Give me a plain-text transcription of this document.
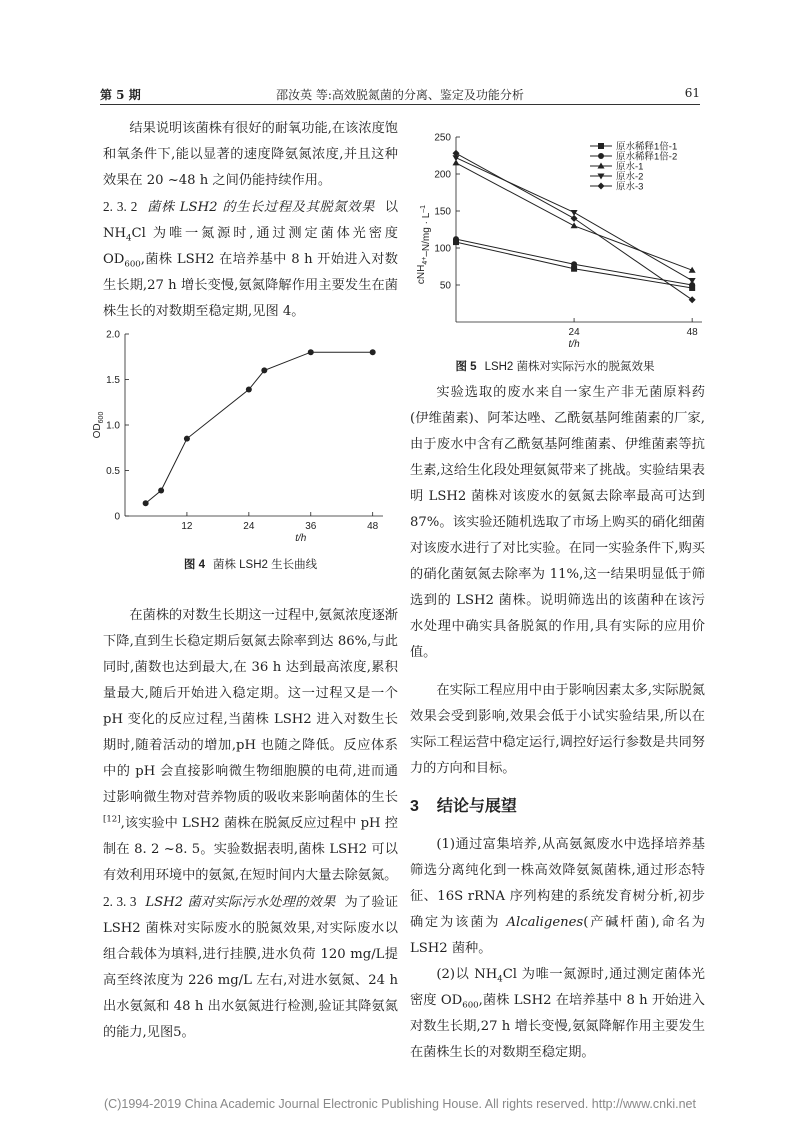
第 5 期	邵汝英 等:高效脱氮菌的分离、鉴定及功能分析	61

结果说明该菌株有很好的耐氧功能,在该浓度饱和氧条件下,能以显著的速度降氨氮浓度,并且这种效果在 20 ~48 h 之间仍能持续作用。

2. 3. 2 菌株 LSH2 的生长过程及其脱氮效果 以 $NH_4Cl$ 为唯一氮源时,通过测定菌体光密度 $OD_{600}$,菌株 LSH2 在培养基中 8 h 开始进入对数生长期,27 h 增长变慢,氨氮降解作用主要发生在菌株生长的对数期至稳定期,见图 4。

在菌株的对数生长期这一过程中,氨氮浓度逐渐下降,直到生长稳定期后氨氮去除率到达 86%,与此同时,菌数也达到最大,在 36 h 达到最高浓度,累积量最大,随后开始进入稳定期。这一过程又是一个 pH 变化的反应过程,当菌株 LSH2 进入对数生长期时,随着活动的增加,pH 也随之降低。反应体系中的 pH 会直接影响微生物细胞膜的电荷,进而通过影响微生物对营养物质的吸收来影响菌体的生长[12],该实验中 LSH2 菌株在脱氮反应过程中 pH 控制在 8. 2 ~8. 5。实验数据表明,菌株 LSH2 可以有效利用环境中的氨氮,在短时间内大量去除氨氮。

2. 3. 3 LSH2 菌对实际污水处理的效果 为了验证 LSH2 菌株对实际废水的脱氮效果,对实际废水以组合载体为填料,进行挂膜,进水负荷 120 mg/L提高至终浓度为 226 mg/L 左右,对进水氨氮、24 h 出水氨氮和 48 h 出水氨氮进行检测,验证其降氨氮的能力,见图5。

0
0.5
1.0
1.5
2.0
12	24	36	48
t/h
$OD_{600}$
图 4 菌株 LSH2 生长曲线
50
100
150
200
250
24	48
t/h
$cNH_4+-N/mg \cdot L^{-1}$
原水稀释1倍-1
原水稀释1倍-2
原水-1
原水-2
原水-3
图 5 LSH2 菌株对实际污水的脱氮效果

实验选取的废水来自一家生产非无菌原料药(伊维菌素)、阿苯达唑、乙酰氨基阿维菌素的厂家,由于废水中含有乙酰氨基阿维菌素、伊维菌素等抗生素,这给生化段处理氨氮带来了挑战。实验结果表明 LSH2 菌株对该废水的氨氮去除率最高可达到 87%。该实验还随机选取了市场上购买的硝化细菌对该废水进行了对比实验。在同一实验条件下,购买的硝化菌氨氮去除率为 11%,这一结果明显低于筛选到的 LSH2 菌株。说明筛选出的该菌种在该污水处理中确实具备脱氮的作用,具有实际的应用价值。

在实际工程应用中由于影响因素太多,实际脱氮效果会受到影响,效果会低于小试实验结果,所以在实际工程运营中稳定运行,调控好运行参数是共同努力的方向和目标。

3 结论与展望

(1)通过富集培养,从高氨氮废水中选择培养基筛选分离纯化到一株高效降氨氮菌株,通过形态特征、16S rRNA 序列构建的系统发育树分析,初步确定为该菌为 Alcaligenes(产碱杆菌),命名为 LSH2 菌种。

(2)以 $NH_4Cl$ 为唯一氮源时,通过测定菌体光密度 $OD_{600}$,菌株 LSH2 在培养基中 8 h 开始进入对数生长期,27 h 增长变慢,氨氮降解作用主要发生在菌株生长的对数期至稳定期。

(C)1994-2019 China Academic Journal Electronic Publishing House. All rights reserved. http://www.cnki.net
